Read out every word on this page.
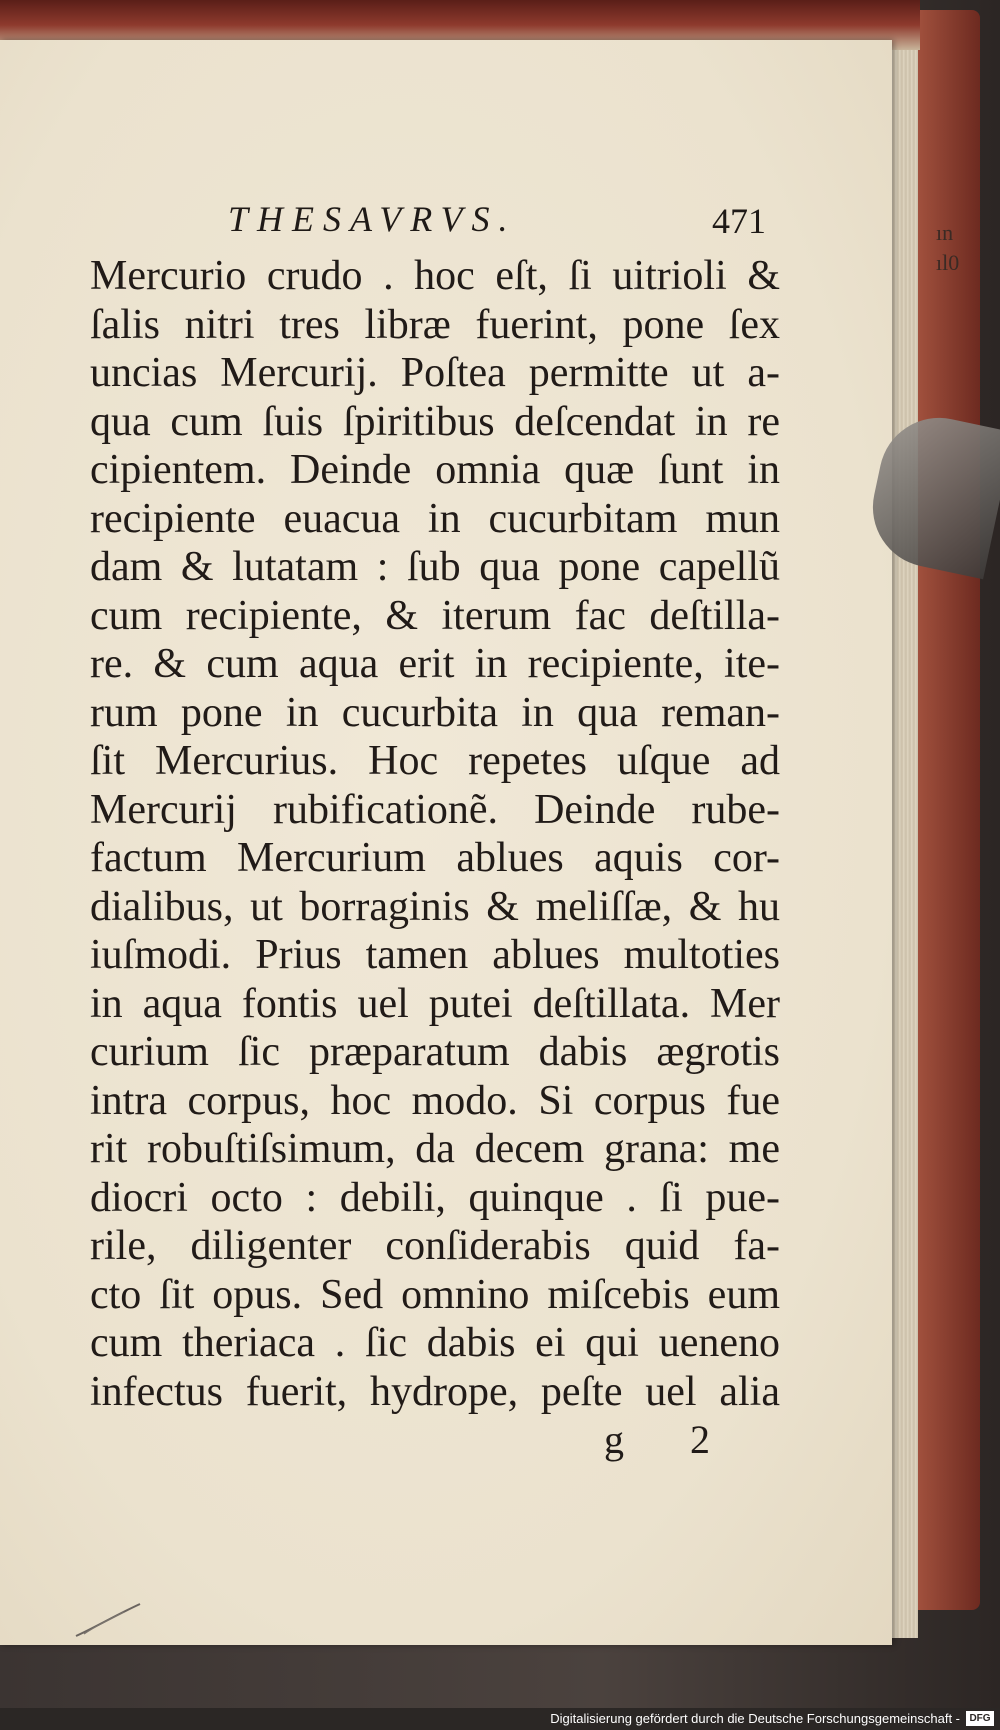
ın
ıl0
THESAVRVS.	471
Mercurio crudo . hoc eſt, ſi uitrioli &
ſalis nitri tres libræ fuerint, pone ſex
uncias Mercurij. Poſtea permitte ut a-
qua cum ſuis ſpiritibus deſcendat in re
cipientem. Deinde omnia quæ ſunt in
recipiente euacua in cucurbitam mun
dam & lutatam : ſub qua pone capellũ
cum recipiente, & iterum fac deſtilla-
re. & cum aqua erit in recipiente, ite-
rum pone in cucurbita in qua reman-
ſit Mercurius. Hoc repetes uſque ad
Mercurij rubificationẽ. Deinde rube-
factum Mercurium ablues aquis cor-
dialibus, ut borraginis & meliſſæ, & hu
iuſmodi. Prius tamen ablues multoties
in aqua fontis uel putei deſtillata. Mer
curium ſic præparatum dabis ægrotis
intra corpus, hoc modo. Si corpus fue
rit robuſtiſsimum, da decem grana: me
diocri octo : debili, quinque . ſi pue-
rile, diligenter conſiderabis quid fa-
cto ſit opus. Sed omnino miſcebis eum
cum theriaca . ſic dabis ei qui ueneno
infectus fuerit, hydrope, peſte uel alia
g 2
Digitalisierung gefördert durch die Deutsche Forschungsgemeinschaft - DFG
